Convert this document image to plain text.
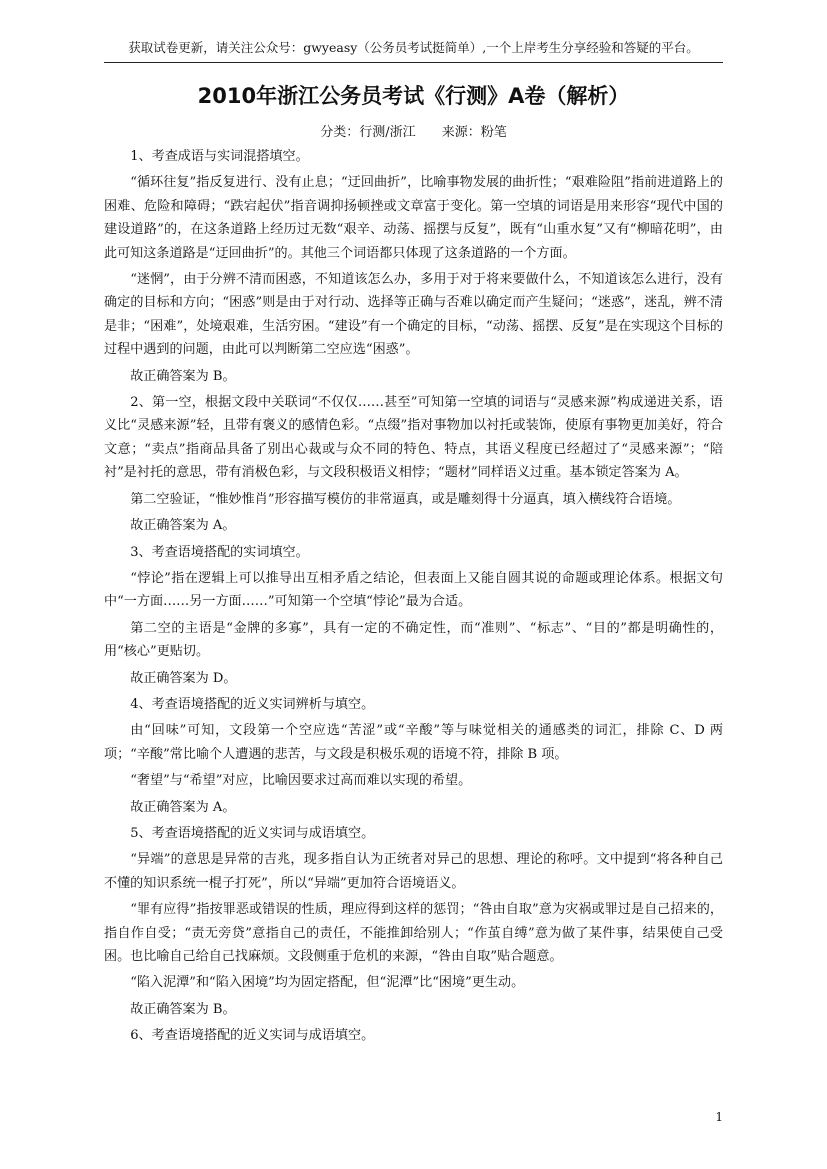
获取试卷更新，请关注公众号：gwyeasy（公务员考试挺简单）,一个上岸考生分享经验和答疑的平台。
2010年浙江公务员考试《行测》A卷（解析）
分类：行测/浙江 来源：粉笔

1、考查成语与实词混搭填空。

“循环往复”指反复进行、没有止息；“迂回曲折”，比喻事物发展的曲折性；“艰难险阻”指前进道路上的困难、危险和障碍；“跌宕起伏”指音调抑扬顿挫或文章富于变化。第一空填的词语是用来形容“现代中国的建设道路”的，在这条道路上经历过无数“艰辛、动荡、摇摆与反复”，既有“山重水复”又有“柳暗花明”，由此可知这条道路是“迂回曲折”的。其他三个词语都只体现了这条道路的一个方面。

“迷惘”，由于分辨不清而困惑，不知道该怎么办，多用于对于将来要做什么，不知道该怎么进行，没有确定的目标和方向；“困惑”则是由于对行动、选择等正确与否难以确定而产生疑问；“迷惑”，迷乱，辨不清是非；“困难”，处境艰难，生活穷困。“建设”有一个确定的目标，“动荡、摇摆、反复”是在实现这个目标的过程中遇到的问题，由此可以判断第二空应选“困惑”。

故正确答案为 B。

2、第一空，根据文段中关联词“不仅仅……甚至”可知第一空填的词语与“灵感来源”构成递进关系，语义比“灵感来源”轻，且带有褒义的感情色彩。“点缀”指对事物加以衬托或装饰，使原有事物更加美好，符合文意；“卖点”指商品具备了别出心裁或与众不同的特色、特点，其语义程度已经超过了“灵感来源”；“陪衬”是衬托的意思，带有消极色彩，与文段积极语义相悖；“题材”同样语义过重。基本锁定答案为 A。

第二空验证，“惟妙惟肖”形容描写模仿的非常逼真，或是雕刻得十分逼真，填入横线符合语境。

故正确答案为 A。

3、考查语境搭配的实词填空。

“悖论”指在逻辑上可以推导出互相矛盾之结论，但表面上又能自圆其说的命题或理论体系。根据文句中“一方面……另一方面……”可知第一个空填“悖论”最为合适。

第二空的主语是“金牌的多寡”，具有一定的不确定性，而“准则”、“标志”、“目的”都是明确性的，用“核心”更贴切。

故正确答案为 D。

4、考查语境搭配的近义实词辨析与填空。

由“回味”可知，文段第一个空应选“苦涩”或“辛酸”等与味觉相关的通感类的词汇，排除 C、D 两项；“辛酸”常比喻个人遭遇的悲苦，与文段是积极乐观的语境不符，排除 B 项。

“奢望”与“希望”对应，比喻因要求过高而难以实现的希望。

故正确答案为 A。

5、考查语境搭配的近义实词与成语填空。

“异端”的意思是异常的吉兆，现多指自认为正统者对异己的思想、理论的称呼。文中提到“将各种自己不懂的知识系统一棍子打死”，所以“异端”更加符合语境语义。

“罪有应得”指按罪恶或错误的性质，理应得到这样的惩罚；“咎由自取”意为灾祸或罪过是自己招来的，指自作自受；“责无旁贷”意指自己的责任，不能推卸给别人；“作茧自缚”意为做了某件事，结果使自己受困。也比喻自己给自己找麻烦。文段侧重于危机的来源，“咎由自取”贴合题意。

“陷入泥潭”和“陷入困境”均为固定搭配，但“泥潭”比“困境”更生动。

故正确答案为 B。

6、考查语境搭配的近义实词与成语填空。

1
